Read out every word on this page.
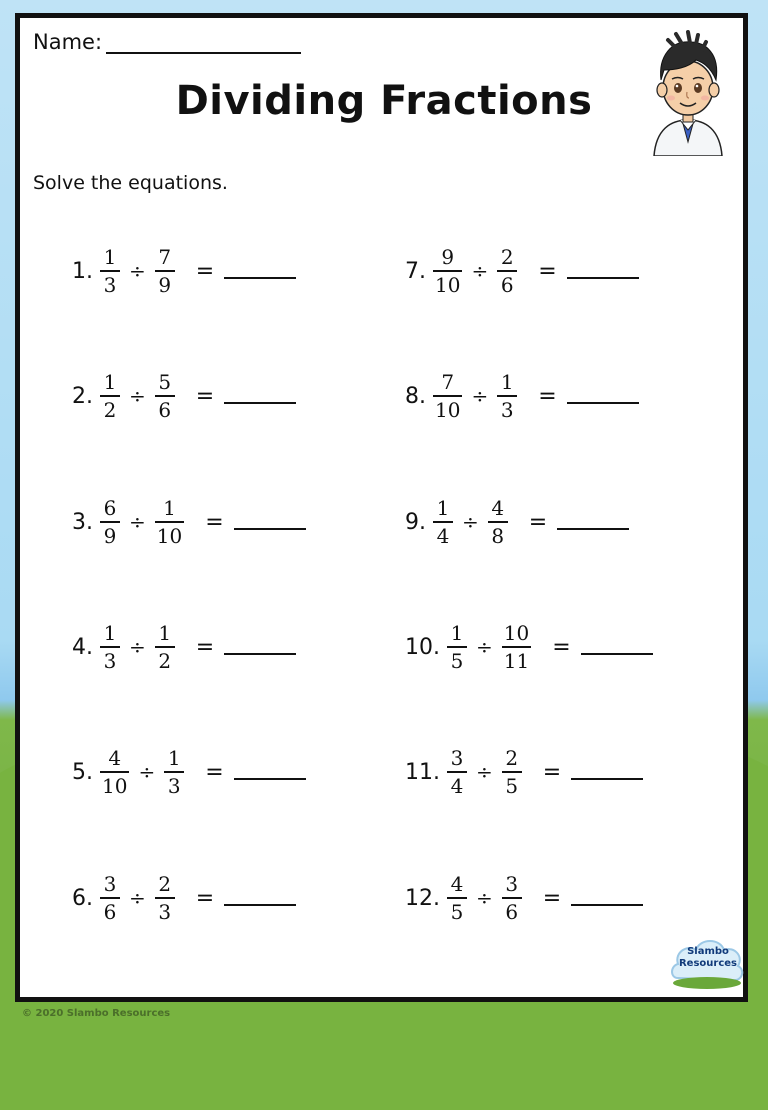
Name:
Dividing Fractions
Solve the equations.
1. $\frac{1}{3} \div \frac{7}{9}$ =
2. $\frac{1}{2} \div \frac{5}{6}$ =
3. $\frac{6}{9} \div \frac{1}{10}$ =
4. $\frac{1}{3} \div \frac{1}{2}$ =
5. $\frac{4}{10} \div \frac{1}{3}$ =
6. $\frac{3}{6} \div \frac{2}{3}$ =
7. $\frac{9}{10} \div \frac{2}{6}$ =
8. $\frac{7}{10} \div \frac{1}{3}$ =
9. $\frac{1}{4} \div \frac{4}{8}$ =
10. $\frac{1}{5} \div \frac{10}{11}$ =
11. $\frac{3}{4} \div \frac{2}{5}$ =
12. $\frac{4}{5} \div \frac{3}{6}$ =
Slambo
Resources
© 2020 Slambo Resources
